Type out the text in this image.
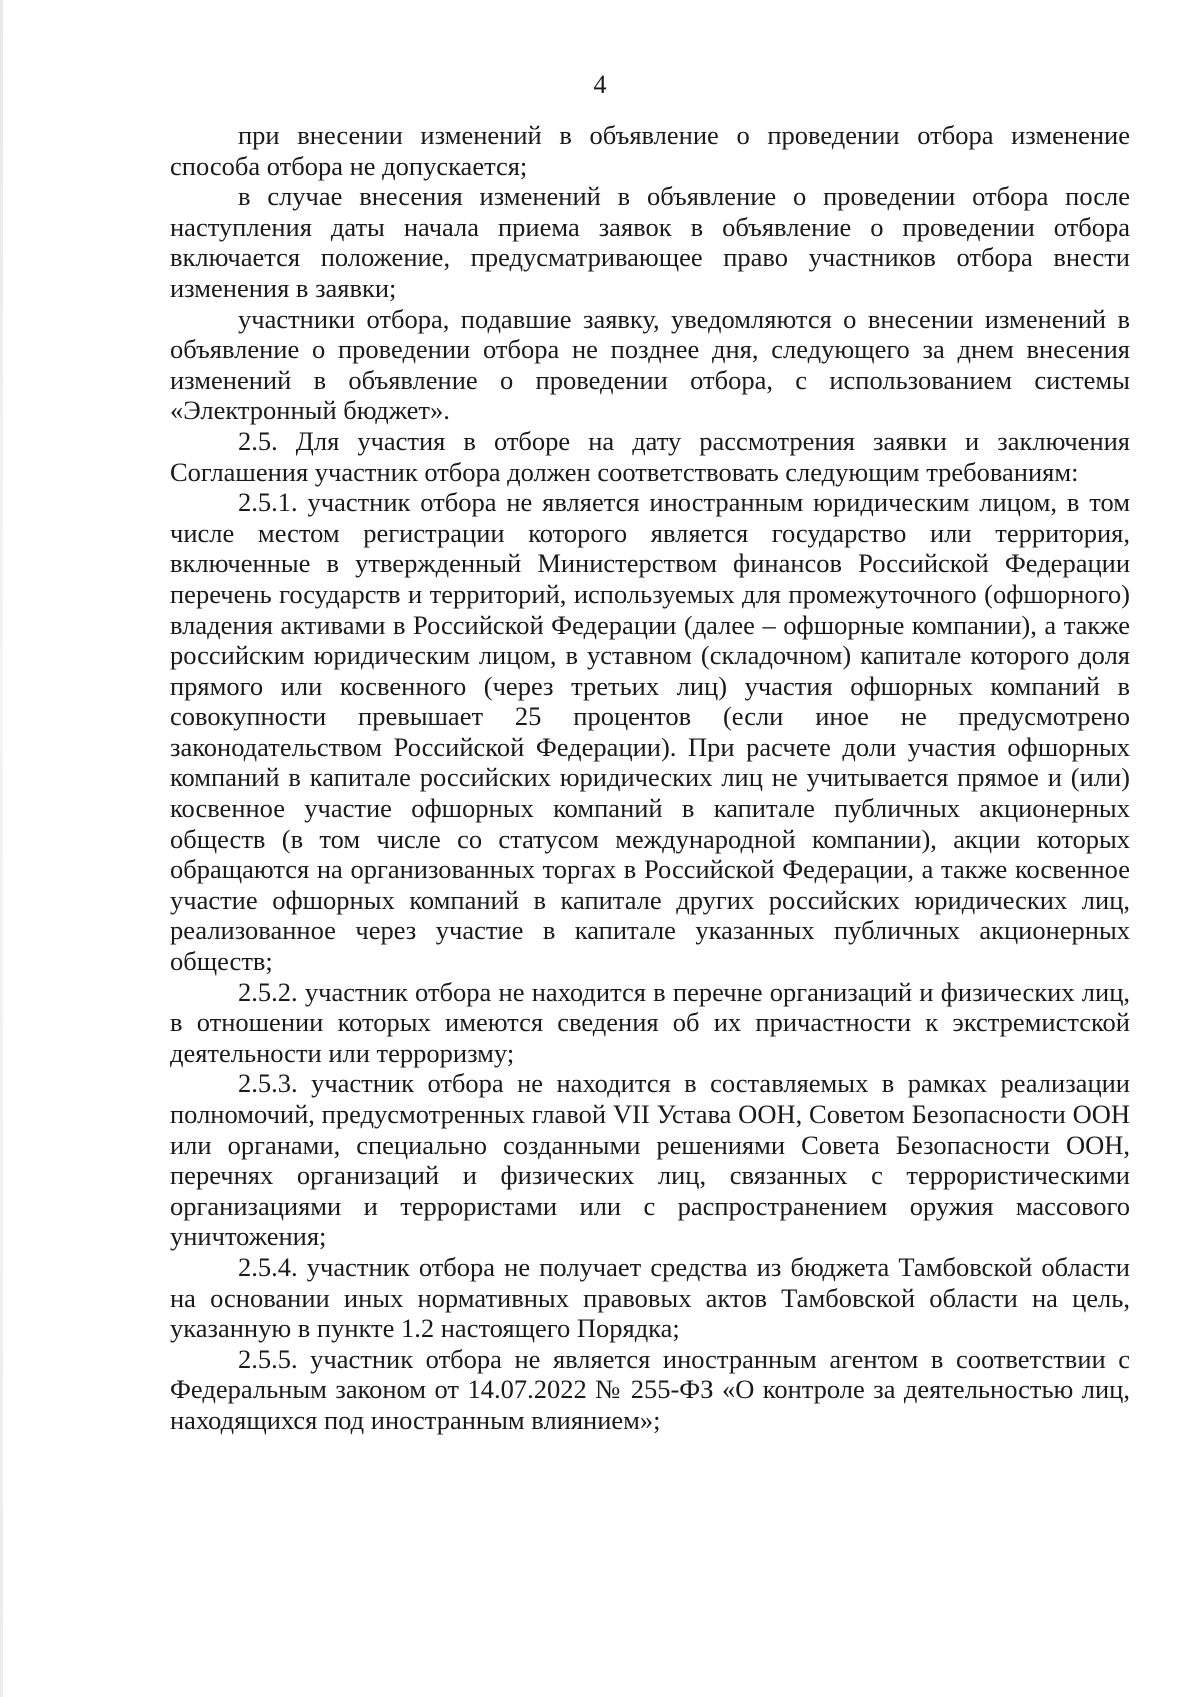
4

при внесении изменений в объявление о проведении отбора изменение способа отбора не допускается;

в случае внесения изменений в объявление о проведении отбора после наступления даты начала приема заявок в объявление о проведении отбора включается положение, предусматривающее право участников отбора внести изменения в заявки;

участники отбора, подавшие заявку, уведомляются о внесении изменений в объявление о проведении отбора не позднее дня, следующего за днем внесения изменений в объявление о проведении отбора, с использованием системы «Электронный бюджет».

2.5. Для участия в отборе на дату рассмотрения заявки и заключения Соглашения участник отбора должен соответствовать следующим требованиям:

2.5.1. участник отбора не является иностранным юридическим лицом, в том числе местом регистрации которого является государство или территория, включенные в утвержденный Министерством финансов Российской Федерации перечень государств и территорий, используемых для промежуточного (офшорного) владения активами в Российской Федерации (далее – офшорные компании), а также российским юридическим лицом, в уставном (складочном) капитале которого доля прямого или косвенного (через третьих лиц) участия офшорных компаний в совокупности превышает 25 процентов (если иное не предусмотрено законодательством Российской Федерации). При расчете доли участия офшорных компаний в капитале российских юридических лиц не учитывается прямое и (или) косвенное участие офшорных компаний в капитале публичных акционерных обществ (в том числе со статусом международной компании), акции которых обращаются на организованных торгах в Российской Федерации, а также косвенное участие офшорных компаний в капитале других российских юридических лиц, реализованное через участие в капитале указанных публичных акционерных обществ;

2.5.2. участник отбора не находится в перечне организаций и физических лиц, в отношении которых имеются сведения об их причастности к экстремистской деятельности или терроризму;

2.5.3. участник отбора не находится в составляемых в рамках реализации полномочий, предусмотренных главой VII Устава ООН, Советом Безопасности ООН или органами, специально созданными решениями Совета Безопасности ООН, перечнях организаций и физических лиц, связанных с террористическими организациями и террористами или с распространением оружия массового уничтожения;

2.5.4. участник отбора не получает средства из бюджета Тамбовской области на основании иных нормативных правовых актов Тамбовской области на цель, указанную в пункте 1.2 настоящего Порядка;

2.5.5. участник отбора не является иностранным агентом в соответствии с Федеральным законом от 14.07.2022 № 255-ФЗ «О контроле за деятельностью лиц, находящихся под иностранным влиянием»;
